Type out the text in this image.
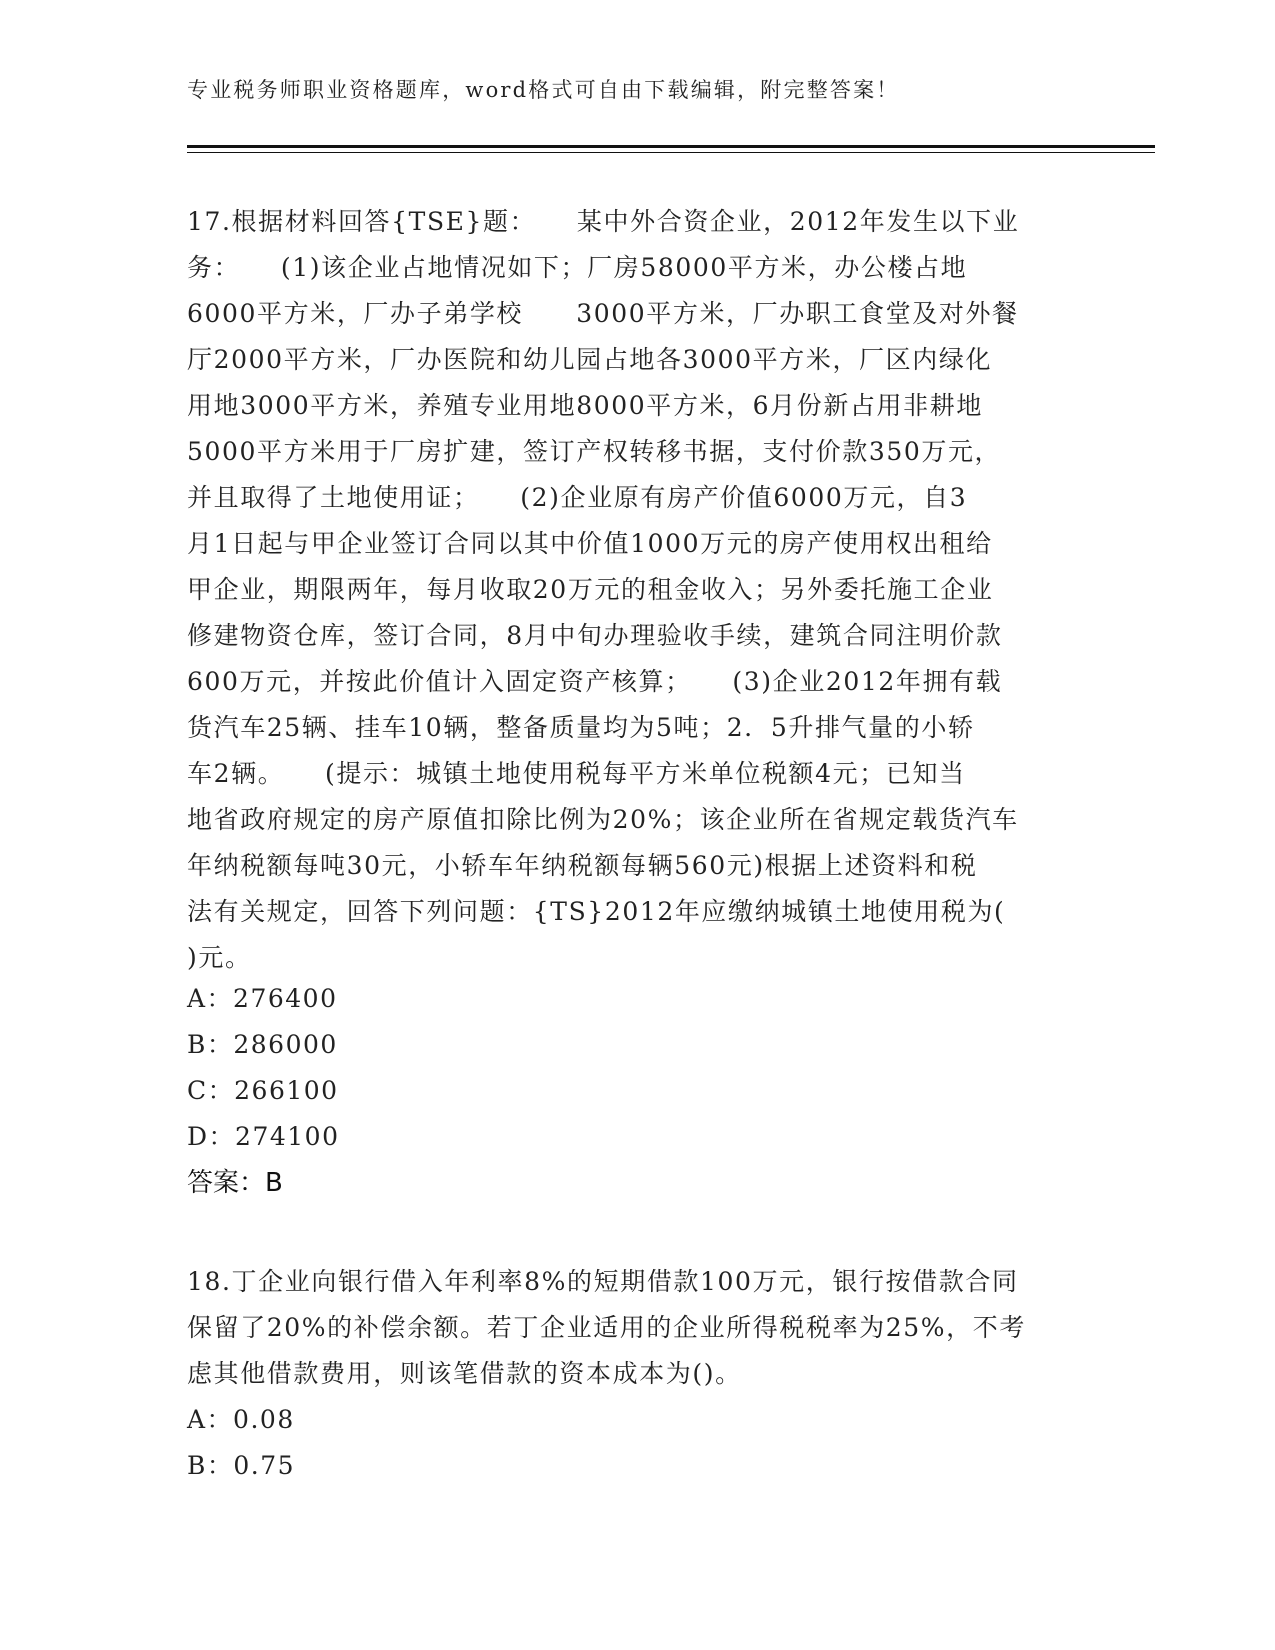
专业税务师职业资格题库，word格式可自由下载编辑，附完整答案！
17.根据材料回答{TSE}题：　　某中外合资企业，2012年发生以下业
务：　　(1)该企业占地情况如下；厂房58000平方米，办公楼占地
6000平方米，厂办子弟学校　　3000平方米，厂办职工食堂及对外餐
厅2000平方米，厂办医院和幼儿园占地各3000平方米，厂区内绿化
用地3000平方米，养殖专业用地8000平方米，6月份新占用非耕地
5000平方米用于厂房扩建，签订产权转移书据，支付价款350万元，
并且取得了土地使用证；　　(2)企业原有房产价值6000万元，自3
月1日起与甲企业签订合同以其中价值1000万元的房产使用权出租给
甲企业，期限两年，每月收取20万元的租金收入；另外委托施工企业
修建物资仓库，签订合同，8月中旬办理验收手续，建筑合同注明价款
600万元，并按此价值计入固定资产核算；　　(3)企业2012年拥有载
货汽车25辆、挂车10辆，整备质量均为5吨；2．5升排气量的小轿
车2辆。　　(提示：城镇土地使用税每平方米单位税额4元；已知当
地省政府规定的房产原值扣除比例为20%；该企业所在省规定载货汽车
年纳税额每吨30元，小轿车年纳税额每辆560元)根据上述资料和税
法有关规定，回答下列问题：{TS}2012年应缴纳城镇土地使用税为(
)元。
A：276400
B：286000
C：266100
D：274100
答案：B
18.丁企业向银行借入年利率8%的短期借款100万元，银行按借款合同
保留了20%的补偿余额。若丁企业适用的企业所得税税率为25%，不考
虑其他借款费用，则该笔借款的资本成本为()。
A：0.08
B：0.75
